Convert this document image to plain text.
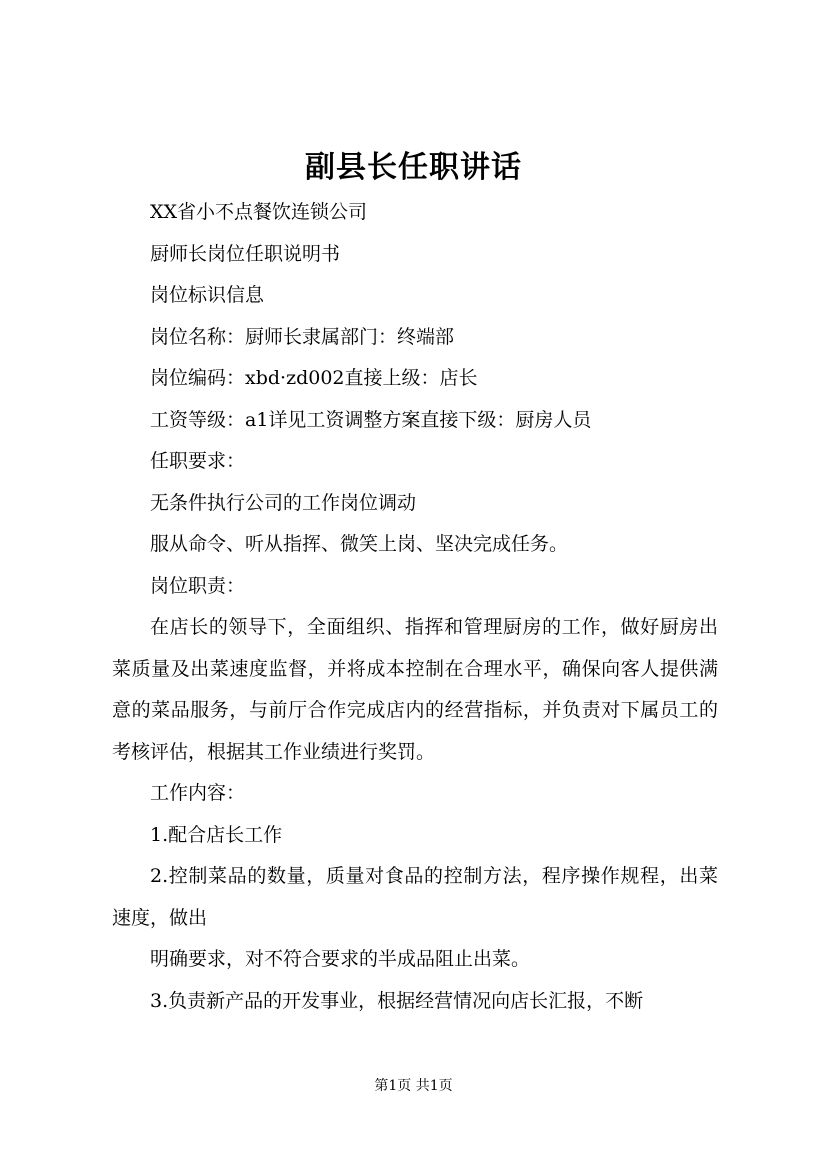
副县长任职讲话

XX省小不点餐饮连锁公司

厨师长岗位任职说明书

岗位标识信息

岗位名称：厨师长隶属部门：终端部

岗位编码：xbd·zd002直接上级：店长

工资等级：a1详见工资调整方案直接下级：厨房人员

任职要求：

无条件执行公司的工作岗位调动

服从命令、听从指挥、微笑上岗、坚决完成任务。

岗位职责：

在店长的领导下，全面组织、指挥和管理厨房的工作，做好厨房出菜质量及出菜速度监督，并将成本控制在合理水平，确保向客人提供满意的菜品服务，与前厅合作完成店内的经营指标，并负责对下属员工的考核评估，根据其工作业绩进行奖罚。

工作内容：

1.配合店长工作

2.控制菜品的数量，质量对食品的控制方法，程序操作规程，出菜速度，做出

明确要求，对不符合要求的半成品阻止出菜。

3.负责新产品的开发事业，根据经营情况向店长汇报，不断

第1页 共1页
